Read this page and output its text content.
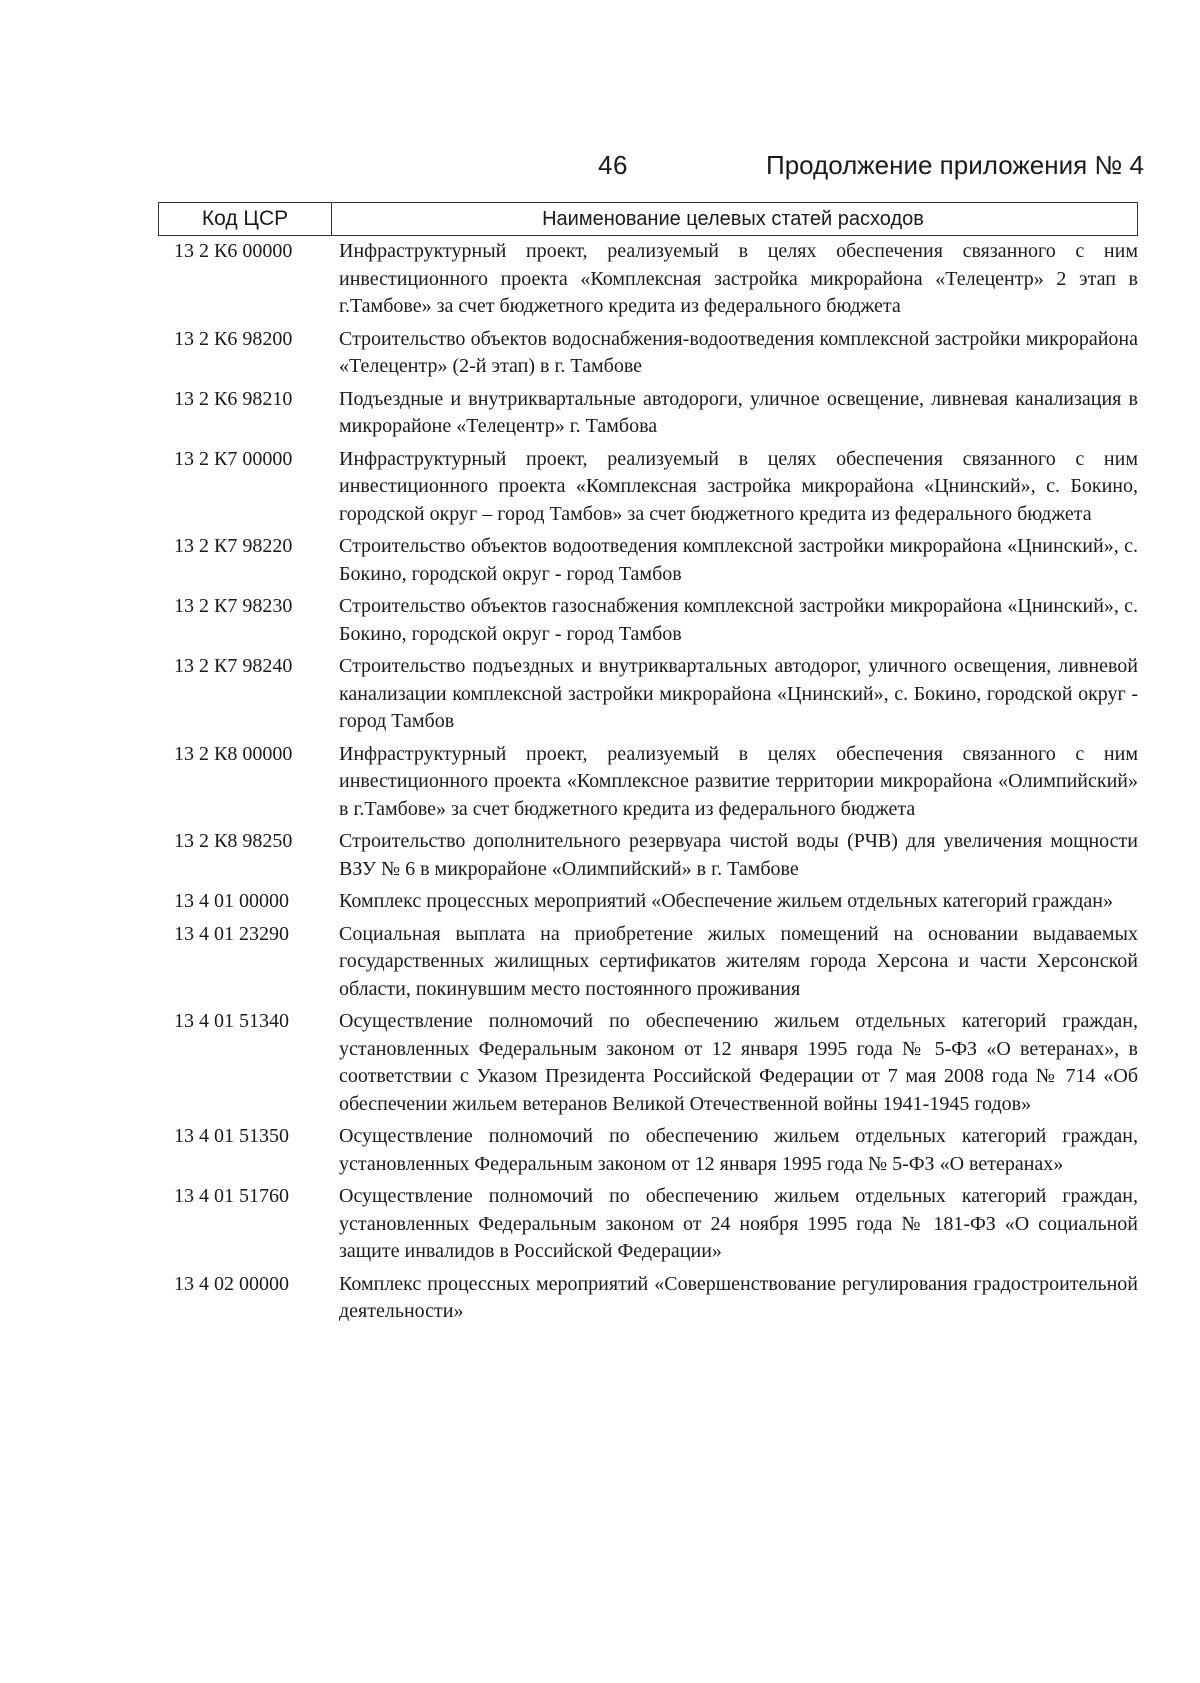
46	Продолжение приложения № 4
Код ЦСР	Наименование целевых статей расходов
13 2 К6 00000	Инфраструктурный проект, реализуемый в целях обеспечения связанного с ним инвестиционного проекта «Комплексная застройка микрорайона «Телецентр» 2 этап в г.Тамбове» за счет бюджетного кредита из федерального бюджета
13 2 К6 98200	Строительство объектов водоснабжения-водоотведения комплексной застройки микрорайона «Телецентр» (2-й этап) в г. Тамбове
13 2 К6 98210	Подъездные и внутриквартальные автодороги, уличное освещение, ливневая канализация в микрорайоне «Телецентр» г. Тамбова
13 2 К7 00000	Инфраструктурный проект, реализуемый в целях обеспечения связанного с ним инвестиционного проекта «Комплексная застройка микрорайона «Цнинский», с. Бокино, городской округ – город Тамбов» за счет бюджетного кредита из федерального бюджета
13 2 К7 98220	Строительство объектов водоотведения комплексной застройки микрорайона «Цнинский», с. Бокино, городской округ - город Тамбов
13 2 К7 98230	Строительство объектов газоснабжения комплексной застройки микрорайона «Цнинский», с. Бокино, городской округ - город Тамбов
13 2 К7 98240	Строительство подъездных и внутриквартальных автодорог, уличного освещения, ливневой канализации комплексной застройки микрорайона «Цнинский», с. Бокино, городской округ - город Тамбов
13 2 К8 00000	Инфраструктурный проект, реализуемый в целях обеспечения связанного с ним инвестиционного проекта «Комплексное развитие территории микрорайона «Олимпийский» в г.Тамбове» за счет бюджетного кредита из федерального бюджета
13 2 К8 98250	Строительство дополнительного резервуара чистой воды (РЧВ) для увеличения мощности ВЗУ № 6 в микрорайоне «Олимпийский» в г. Тамбове
13 4 01 00000	Комплекс процессных мероприятий «Обеспечение жильем отдельных категорий граждан»
13 4 01 23290	Социальная выплата на приобретение жилых помещений на основании выдаваемых государственных жилищных сертификатов жителям города Херсона и части Херсонской области, покинувшим место постоянного проживания
13 4 01 51340	Осуществление полномочий по обеспечению жильем отдельных категорий граждан, установленных Федеральным законом от 12 января 1995 года № 5-ФЗ «О ветеранах», в соответствии с Указом Президента Российской Федерации от 7 мая 2008 года № 714 «Об обеспечении жильем ветеранов Великой Отечественной войны 1941-1945 годов»
13 4 01 51350	Осуществление полномочий по обеспечению жильем отдельных категорий граждан, установленных Федеральным законом от 12 января 1995 года № 5-ФЗ «О ветеранах»
13 4 01 51760	Осуществление полномочий по обеспечению жильем отдельных категорий граждан, установленных Федеральным законом от 24 ноября 1995 года № 181-ФЗ «О социальной защите инвалидов в Российской Федерации»
13 4 02 00000	Комплекс процессных мероприятий «Совершенствование регулирования градостроительной деятельности»
